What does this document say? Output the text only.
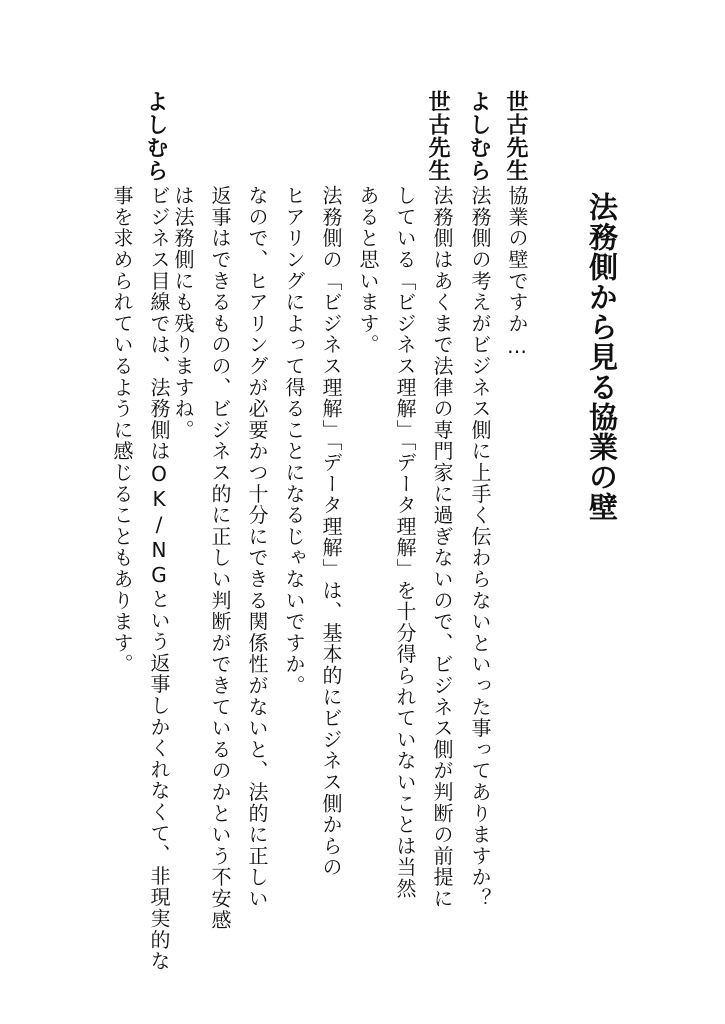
法務側から見る協業の壁
世古先生
協業の壁ですか…
よしむら
法務側の考えがビジネス側に上手く伝わらないといった事ってありますか？
世古先生
法務側はあくまで法律の専門家に過ぎないので、ビジネス側が判断の前提に
している「ビジネス理解」「データ理解」を十分得られていないことは当然
あると思います。
法務側の「ビジネス理解」「データ理解」は、基本的にビジネス側からの
ヒアリングによって得ることになるじゃないですか。
なので、ヒアリングが必要かつ十分にできる関係性がないと、法的に正しい
返事はできるものの、ビジネス的に正しい判断ができているのかという不安感
は法務側にも残りますね。
よしむら
ビジネス目線では、法務側はOK/NGという返事しかくれなくて、非現実的な
事を求められているように感じることもあります。
